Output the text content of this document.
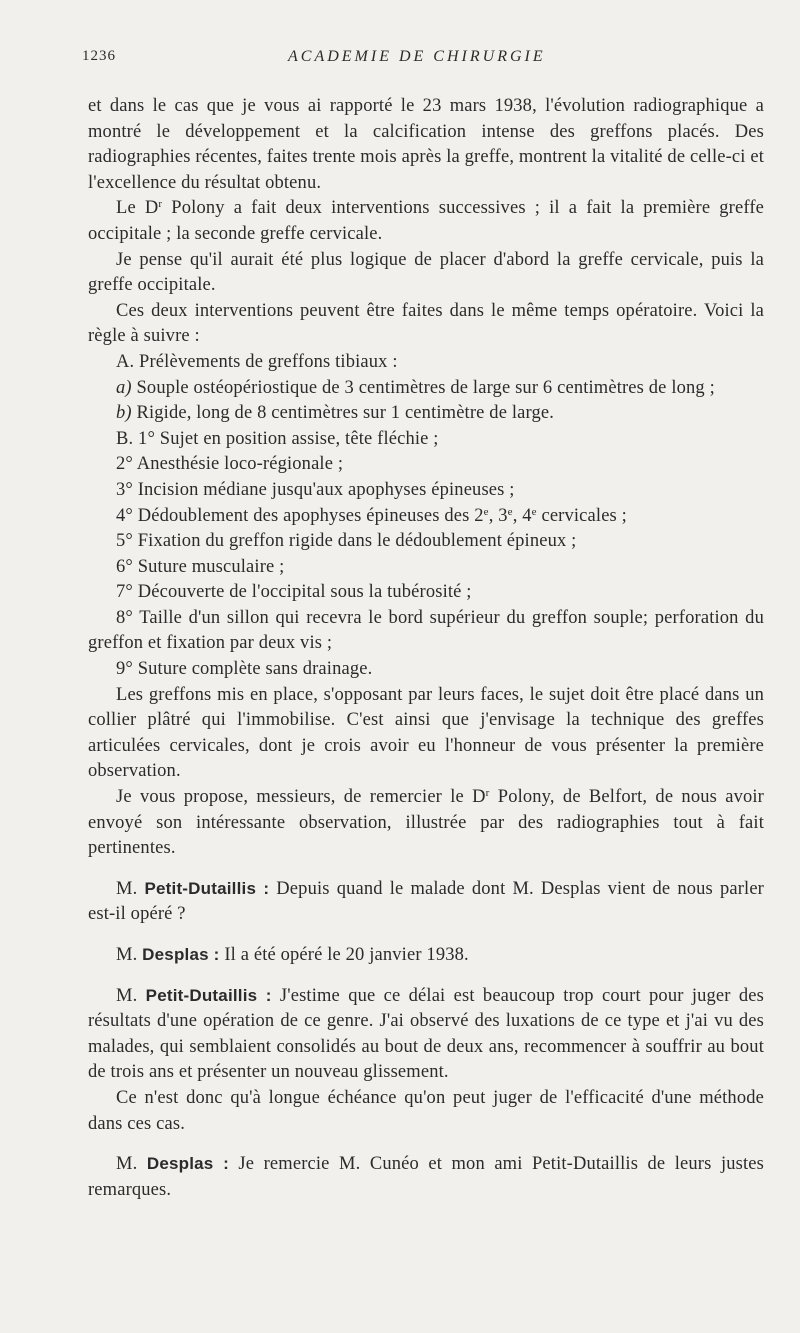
1236	ACADEMIE DE CHIRURGIE

et dans le cas que je vous ai rapporté le 23 mars 1938, l'évolution radiographique a montré le développement et la calcification intense des greffons placés. Des radiographies récentes, faites trente mois après la greffe, montrent la vitalité de celle-ci et l'excellence du résultat obtenu.

Le $D^r$ Polony a fait deux interventions successives ; il a fait la première greffe occipitale ; la seconde greffe cervicale.

Je pense qu'il aurait été plus logique de placer d'abord la greffe cervicale, puis la greffe occipitale.

Ces deux interventions peuvent être faites dans le même temps opératoire. Voici la règle à suivre :

A. Prélèvements de greffons tibiaux :

a) Souple ostéopériostique de 3 centimètres de large sur 6 centimètres de long ;

b) Rigide, long de 8 centimètres sur 1 centimètre de large.

B. 1° Sujet en position assise, tête fléchie ;

2° Anesthésie loco-régionale ;

3° Incision médiane jusqu'aux apophyses épineuses ;

4° Dédoublement des apophyses épineuses des 2e, 3e, 4e cervicales ;

5° Fixation du greffon rigide dans le dédoublement épineux ;

6° Suture musculaire ;

7° Découverte de l'occipital sous la tubérosité ;

8° Taille d'un sillon qui recevra le bord supérieur du greffon souple; perforation du greffon et fixation par deux vis ;

9° Suture complète sans drainage.

Les greffons mis en place, s'opposant par leurs faces, le sujet doit être placé dans un collier plâtré qui l'immobilise. C'est ainsi que j'envisage la technique des greffes articulées cervicales, dont je crois avoir eu l'honneur de vous présenter la première observation.

Je vous propose, messieurs, de remercier le $D^r$ Polony, de Belfort, de nous avoir envoyé son intéressante observation, illustrée par des radiographies tout à fait pertinentes.

M. Petit-Dutaillis : Depuis quand le malade dont M. Desplas vient de nous parler est-il opéré ?

M. Desplas : Il a été opéré le 20 janvier 1938.

M. Petit-Dutaillis : J'estime que ce délai est beaucoup trop court pour juger des résultats d'une opération de ce genre. J'ai observé des luxations de ce type et j'ai vu des malades, qui semblaient consolidés au bout de deux ans, recommencer à souffrir au bout de trois ans et présenter un nouveau glissement.

Ce n'est donc qu'à longue échéance qu'on peut juger de l'efficacité d'une méthode dans ces cas.

M. Desplas : Je remercie M. Cunéo et mon ami Petit-Dutaillis de leurs justes remarques.
